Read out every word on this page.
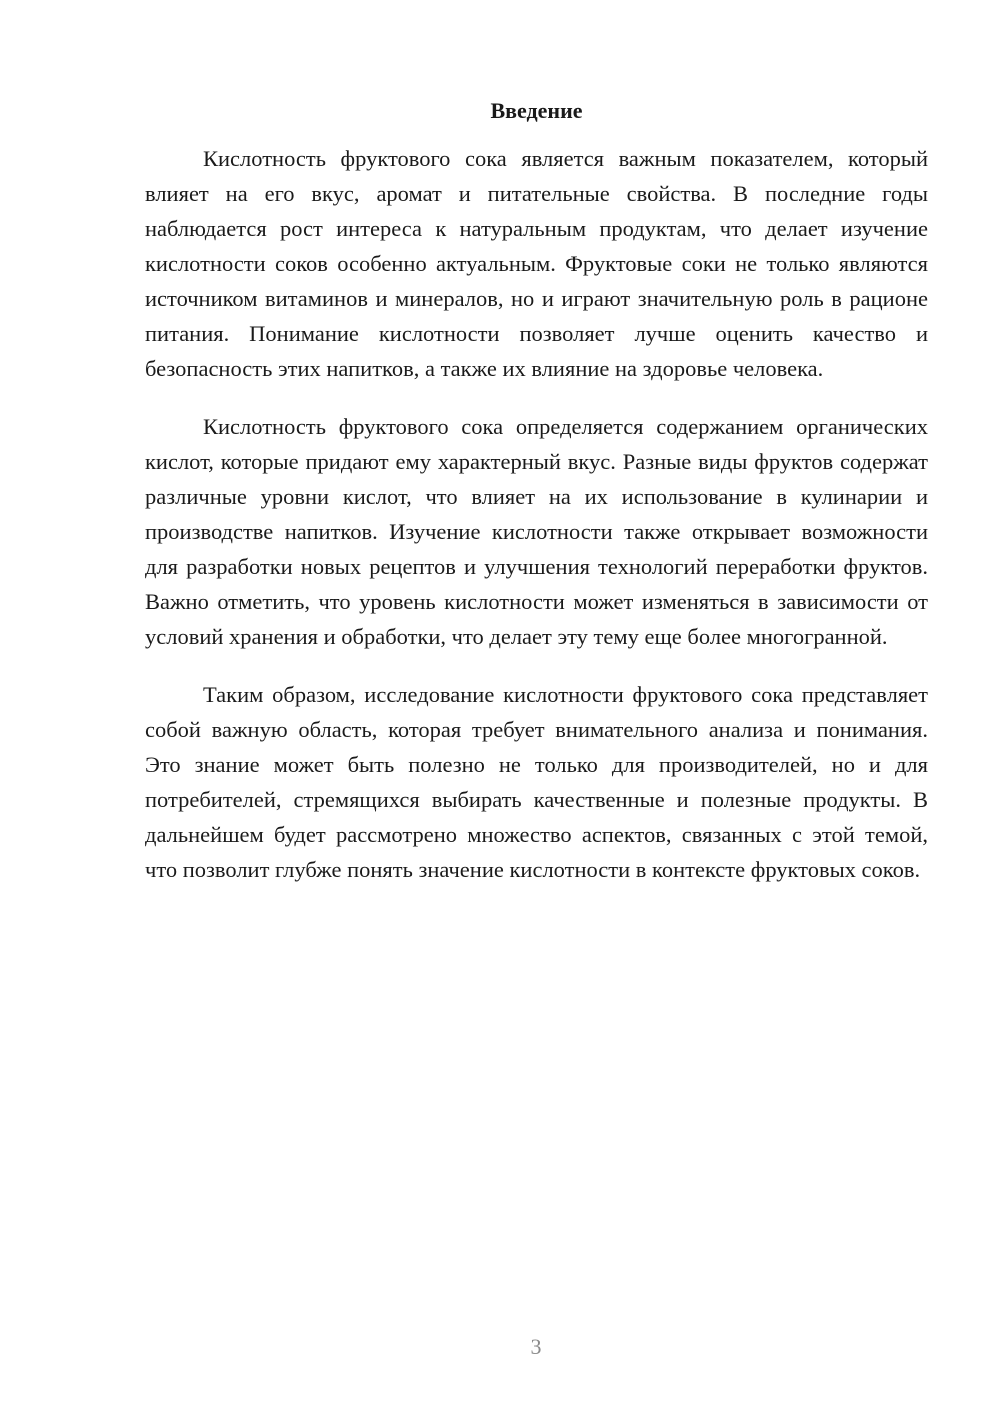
Введение

Кислотность фруктового сока является важным показателем, который влияет на его вкус, аромат и питательные свойства. В последние годы наблюдается рост интереса к натуральным продуктам, что делает изучение кислотности соков особенно актуальным. Фруктовые соки не только являются источником витаминов и минералов, но и играют значительную роль в рационе питания. Понимание кислотности позволяет лучше оценить качество и безопасность этих напитков, а также их влияние на здоровье человека.

Кислотность фруктового сока определяется содержанием органических кислот, которые придают ему характерный вкус. Разные виды фруктов содержат различные уровни кислот, что влияет на их использование в кулинарии и производстве напитков. Изучение кислотности также открывает возможности для разработки новых рецептов и улучшения технологий переработки фруктов. Важно отметить, что уровень кислотности может изменяться в зависимости от условий хранения и обработки, что делает эту тему еще более многогранной.

Таким образом, исследование кислотности фруктового сока представляет собой важную область, которая требует внимательного анализа и понимания. Это знание может быть полезно не только для производителей, но и для потребителей, стремящихся выбирать качественные и полезные продукты. В дальнейшем будет рассмотрено множество аспектов, связанных с этой темой, что позволит глубже понять значение кислотности в контексте фруктовых соков.

3
